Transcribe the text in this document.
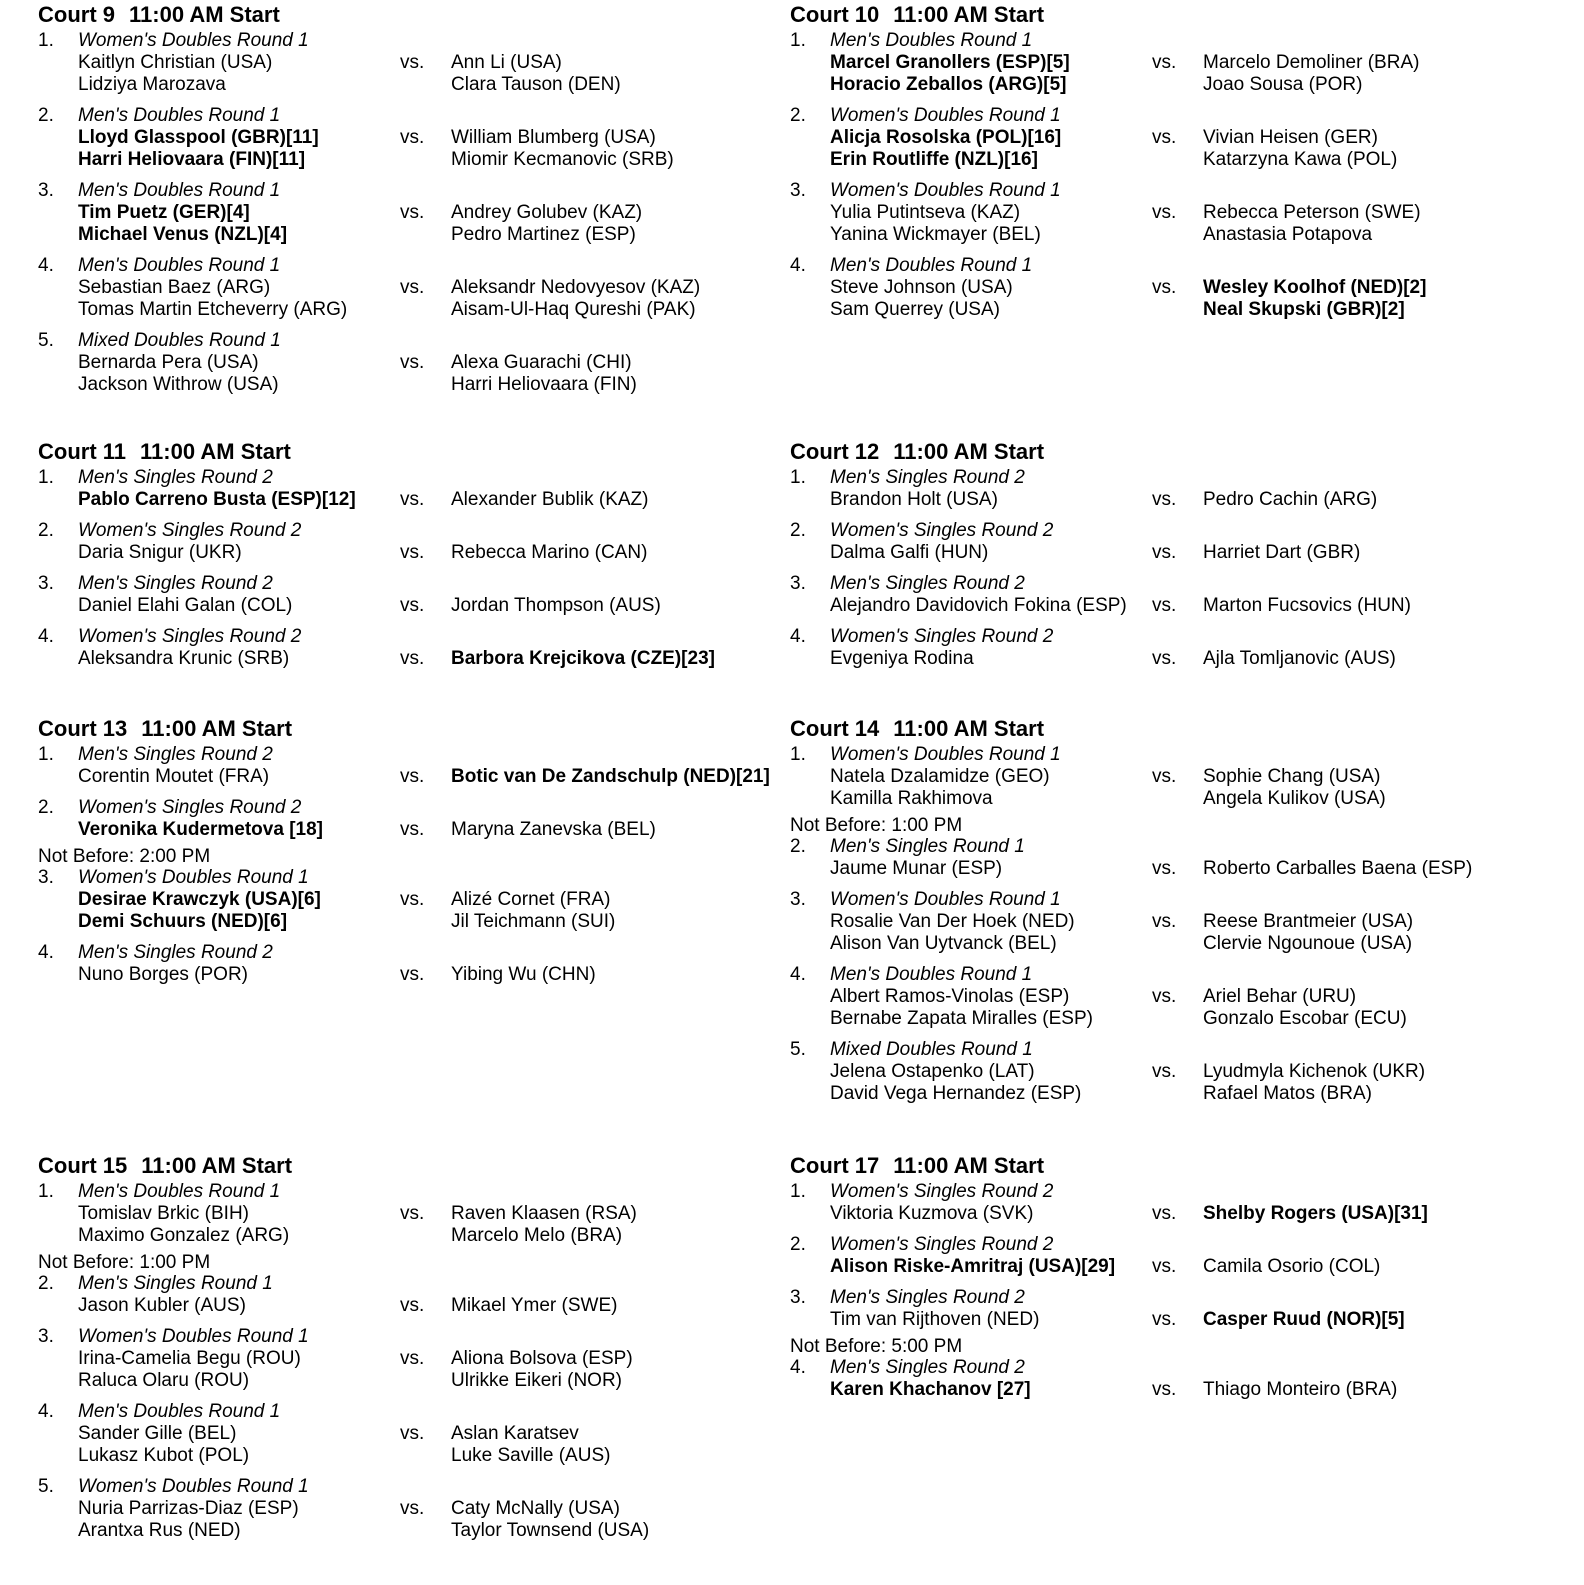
Court 9 11:00 AM Start
1.	Women's Doubles Round 1
Kaitlyn Christian (USA)	vs. Ann Li (USA)
Lidziya Marozava	Clara Tauson (DEN)
2.	Men's Doubles Round 1
Lloyd Glasspool (GBR)[11]	vs. William Blumberg (USA)
Harri Heliovaara (FIN)[11]	Miomir Kecmanovic (SRB)
3.	Men's Doubles Round 1
Tim Puetz (GER)[4]	vs. Andrey Golubev (KAZ)
Michael Venus (NZL)[4]	Pedro Martinez (ESP)
4.	Men's Doubles Round 1
Sebastian Baez (ARG)	vs. Aleksandr Nedovyesov (KAZ)
Tomas Martin Etcheverry (ARG)	Aisam-Ul-Haq Qureshi (PAK)
5.	Mixed Doubles Round 1
Bernarda Pera (USA)	vs. Alexa Guarachi (CHI)
Jackson Withrow (USA)	Harri Heliovaara (FIN)
Court 10 11:00 AM Start
1.	Men's Doubles Round 1
Marcel Granollers (ESP)[5]	vs. Marcelo Demoliner (BRA)
Horacio Zeballos (ARG)[5]	Joao Sousa (POR)
2.	Women's Doubles Round 1
Alicja Rosolska (POL)[16]	vs. Vivian Heisen (GER)
Erin Routliffe (NZL)[16]	Katarzyna Kawa (POL)
3.	Women's Doubles Round 1
Yulia Putintseva (KAZ)	vs. Rebecca Peterson (SWE)
Yanina Wickmayer (BEL)	Anastasia Potapova
4.	Men's Doubles Round 1
Steve Johnson (USA)	vs. Wesley Koolhof (NED)[2]
Sam Querrey (USA)	Neal Skupski (GBR)[2]
Court 11 11:00 AM Start
1.	Men's Singles Round 2
Pablo Carreno Busta (ESP)[12] vs. Alexander Bublik (KAZ)
2.	Women's Singles Round 2
Daria Snigur (UKR)	vs. Rebecca Marino (CAN)
3.	Men's Singles Round 2
Daniel Elahi Galan (COL)	vs. Jordan Thompson (AUS)
4.	Women's Singles Round 2
Aleksandra Krunic (SRB)	vs. Barbora Krejcikova (CZE)[23]
Court 12 11:00 AM Start
1.	Men's Singles Round 2
Brandon Holt (USA)	vs. Pedro Cachin (ARG)
2.	Women's Singles Round 2
Dalma Galfi (HUN)	vs. Harriet Dart (GBR)
3.	Men's Singles Round 2
Alejandro Davidovich Fokina (ESP) vs. Marton Fucsovics (HUN)
4.	Women's Singles Round 2
Evgeniya Rodina	vs. Ajla Tomljanovic (AUS)
Court 13 11:00 AM Start
1.	Men's Singles Round 2
Corentin Moutet (FRA)	vs. Botic van De Zandschulp (NED)[21]
2.	Women's Singles Round 2
Veronika Kudermetova [18]	vs. Maryna Zanevska (BEL)
Not Before: 2:00 PM
3.	Women's Doubles Round 1
Desirae Krawczyk (USA)[6]	vs. Alizé Cornet (FRA)
Demi Schuurs (NED)[6]	Jil Teichmann (SUI)
4.	Men's Singles Round 2
Nuno Borges (POR)	vs. Yibing Wu (CHN)
Court 14 11:00 AM Start
1.	Women's Doubles Round 1
Natela Dzalamidze (GEO)	vs. Sophie Chang (USA)
Kamilla Rakhimova	Angela Kulikov (USA)
Not Before: 1:00 PM
2.	Men's Singles Round 1
Jaume Munar (ESP)	vs. Roberto Carballes Baena (ESP)
3.	Women's Doubles Round 1
Rosalie Van Der Hoek (NED)	vs. Reese Brantmeier (USA)
Alison Van Uytvanck (BEL)	Clervie Ngounoue (USA)
4.	Men's Doubles Round 1
Albert Ramos-Vinolas (ESP)	vs. Ariel Behar (URU)
Bernabe Zapata Miralles (ESP)	Gonzalo Escobar (ECU)
5.	Mixed Doubles Round 1
Jelena Ostapenko (LAT)	vs. Lyudmyla Kichenok (UKR)
David Vega Hernandez (ESP)	Rafael Matos (BRA)
Court 15 11:00 AM Start
1.	Men's Doubles Round 1
Tomislav Brkic (BIH)	vs. Raven Klaasen (RSA)
Maximo Gonzalez (ARG)	Marcelo Melo (BRA)
Not Before: 1:00 PM
2.	Men's Singles Round 1
Jason Kubler (AUS)	vs. Mikael Ymer (SWE)
3.	Women's Doubles Round 1
Irina-Camelia Begu (ROU)	vs. Aliona Bolsova (ESP)
Raluca Olaru (ROU)	Ulrikke Eikeri (NOR)
4.	Men's Doubles Round 1
Sander Gille (BEL)	vs. Aslan Karatsev
Lukasz Kubot (POL)	Luke Saville (AUS)
5.	Women's Doubles Round 1
Nuria Parrizas-Diaz (ESP)	vs. Caty McNally (USA)
Arantxa Rus (NED)	Taylor Townsend (USA)
Court 17 11:00 AM Start
1.	Women's Singles Round 2
Viktoria Kuzmova (SVK)	vs. Shelby Rogers (USA)[31]
2.	Women's Singles Round 2
Alison Riske-Amritraj (USA)[29] vs. Camila Osorio (COL)
3.	Men's Singles Round 2
Tim van Rijthoven (NED)	vs. Casper Ruud (NOR)[5]
Not Before: 5:00 PM
4.	Men's Singles Round 2
Karen Khachanov [27]	vs. Thiago Monteiro (BRA)
